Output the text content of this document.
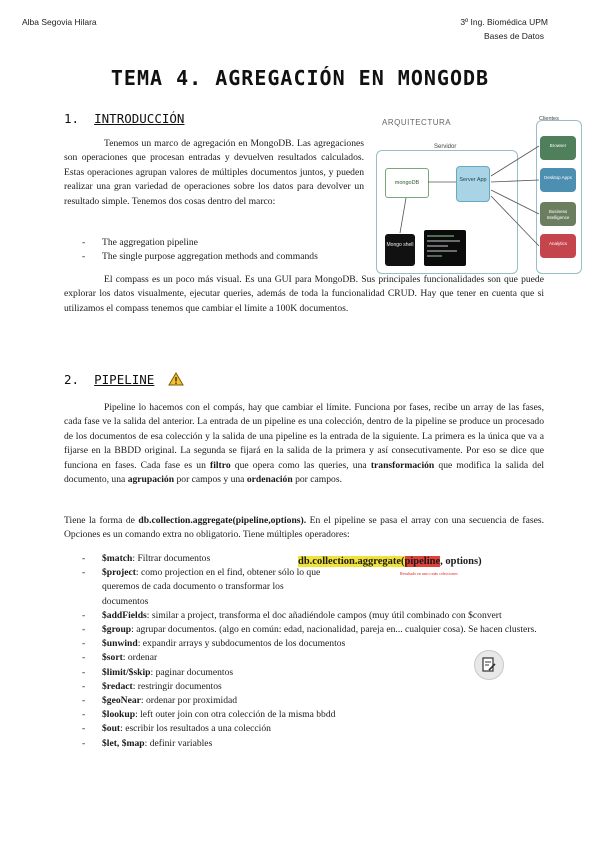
Alba Segovia Hilara	3º Ing. Biomédica UPM
Bases de Datos
TEMA 4. AGREGACIÓN EN MONGODB
1. INTRODUCCIÓN
Tenemos un marco de agregación en MongoDB. Las agregaciones son operaciones que procesan entradas y devuelven resultados calculados. Estas operaciones agrupan valores de múltiples documentos juntos, y pueden realizar una gran variedad de operaciones sobre los datos para devolver un resultado simple. Tenemos dos cosas dentro del marco:
- The aggregation pipeline
- The single purpose aggregation methods and commands
El compass es un poco más visual. Es una GUI para MongoDB. Sus principales funcionalidades son que puede explorar los datos visualmente, ejecutar queries, además de toda la funcionalidad CRUD. Hay que tener en cuenta que si utilizamos el compass tenemos que cambiar el límite a 100K documentos.
ARQUITECTURA
Servidor
mongoDB	Server App
Mongo shell
Clientes
Browser
Desktop Apps
Business Intelligence
Analytics
2. PIPELINE
Pipeline lo hacemos con el compás, hay que cambiar el límite. Funciona por fases, recibe un array de las fases, cada fase ve la salida del anterior. La entrada de un pipeline es una colección, dentro de la pipeline se produce un procesado de los documentos de esa colección y la salida de una pipeline es la entrada de la siguiente. La primera es la única que va a fijarse en la BBDD original. La segunda se fijará en la salida de la primera y así consecutivamente. Por eso se dice que funciona en fases. Cada fase es un filtro que opera como las queries, una transformación que modifica la salida del documento, una agrupación por campos y una ordenación por campos.
Tiene la forma de db.collection.aggregate(pipeline,options). En el pipeline se pasa el array con una secuencia de fases. Opciones es un comando extra no obligatorio. Tiene múltiples operadores:
db.collection.aggregate(pipeline, options)
Resultado en una o más colecciones
- $match: Filtrar documentos
- $project: como projection en el find, obtener sólo lo que queremos de cada documento o transformar los documentos
- $addFields: similar a project, transforma el doc añadiéndole campos (muy útil combinado con $convert
- $group: agrupar documentos. (algo en común: edad, nacionalidad, pareja en... cualquier cosa). Se hacen clusters.
- $unwind: expandir arrays y subdocumentos de los documentos
- $sort: ordenar
- $limit/$skip: paginar documentos
- $redact: restringir documentos
- $geoNear: ordenar por proximidad
- $lookup: left outer join con otra colección de la misma bbdd
- $out: escribir los resultados a una colección
- $let, $map: definir variables
